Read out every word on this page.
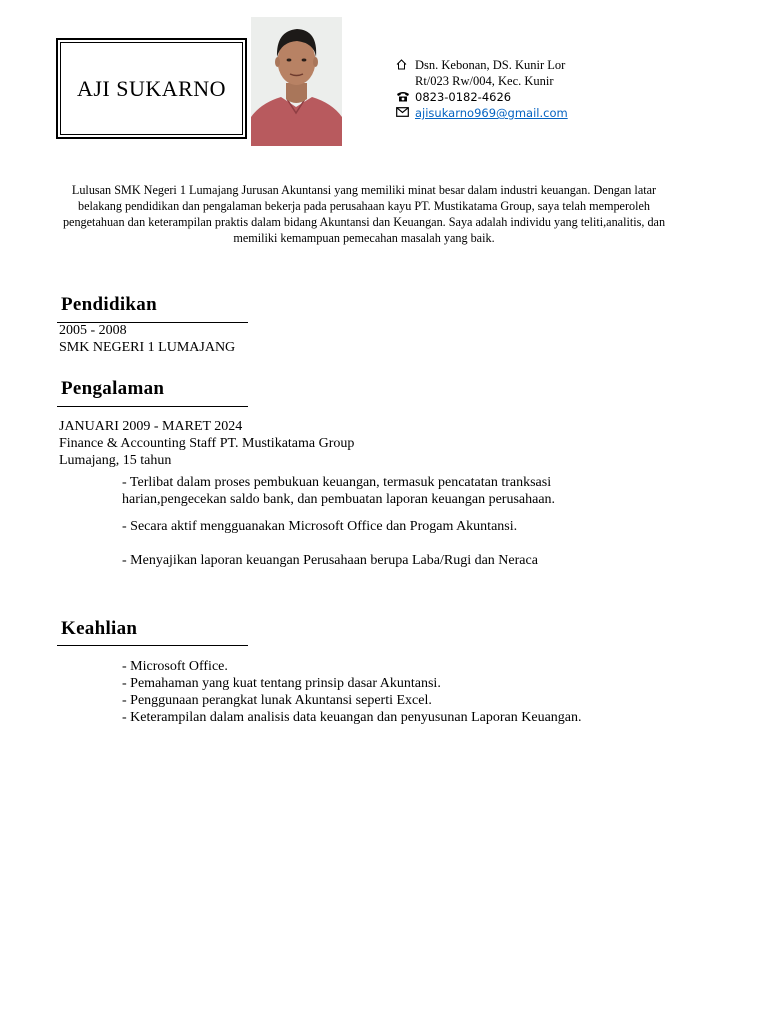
AJI SUKARNO
Dsn. Kebonan, DS. Kunir Lor
Rt/023 Rw/004, Kec. Kunir
0823-0182-4626
ajisukarno969@gmail.com
Lulusan SMK Negeri 1 Lumajang Jurusan Akuntansi yang memiliki minat besar dalam industri keuangan. Dengan latar belakang pendidikan dan pengalaman bekerja pada perusahaan kayu PT. Mustikatama Group, saya telah memperoleh pengetahuan dan keterampilan praktis dalam bidang Akuntansi dan Keuangan. Saya adalah individu yang teliti,analitis, dan memiliki kemampuan pemecahan masalah yang baik.
Pendidikan
2005 - 2008
SMK NEGERI 1 LUMAJANG
Pengalaman
JANUARI 2009 - MARET 2024
Finance & Accounting Staff PT. Mustikatama Group
Lumajang, 15 tahun
- Terlibat dalam proses pembukuan keuangan, termasuk pencatatan tranksasi harian,pengecekan saldo bank, dan pembuatan laporan keuangan perusahaan.
- Secara aktif mengguanakan Microsoft Office dan Progam Akuntansi.
- Menyajikan laporan keuangan Perusahaan berupa Laba/Rugi dan Neraca
Keahlian
- Microsoft Office.
- Pemahaman yang kuat tentang prinsip dasar Akuntansi.
- Penggunaan perangkat lunak Akuntansi seperti Excel.
- Keterampilan dalam analisis data keuangan dan penyusunan Laporan Keuangan.
